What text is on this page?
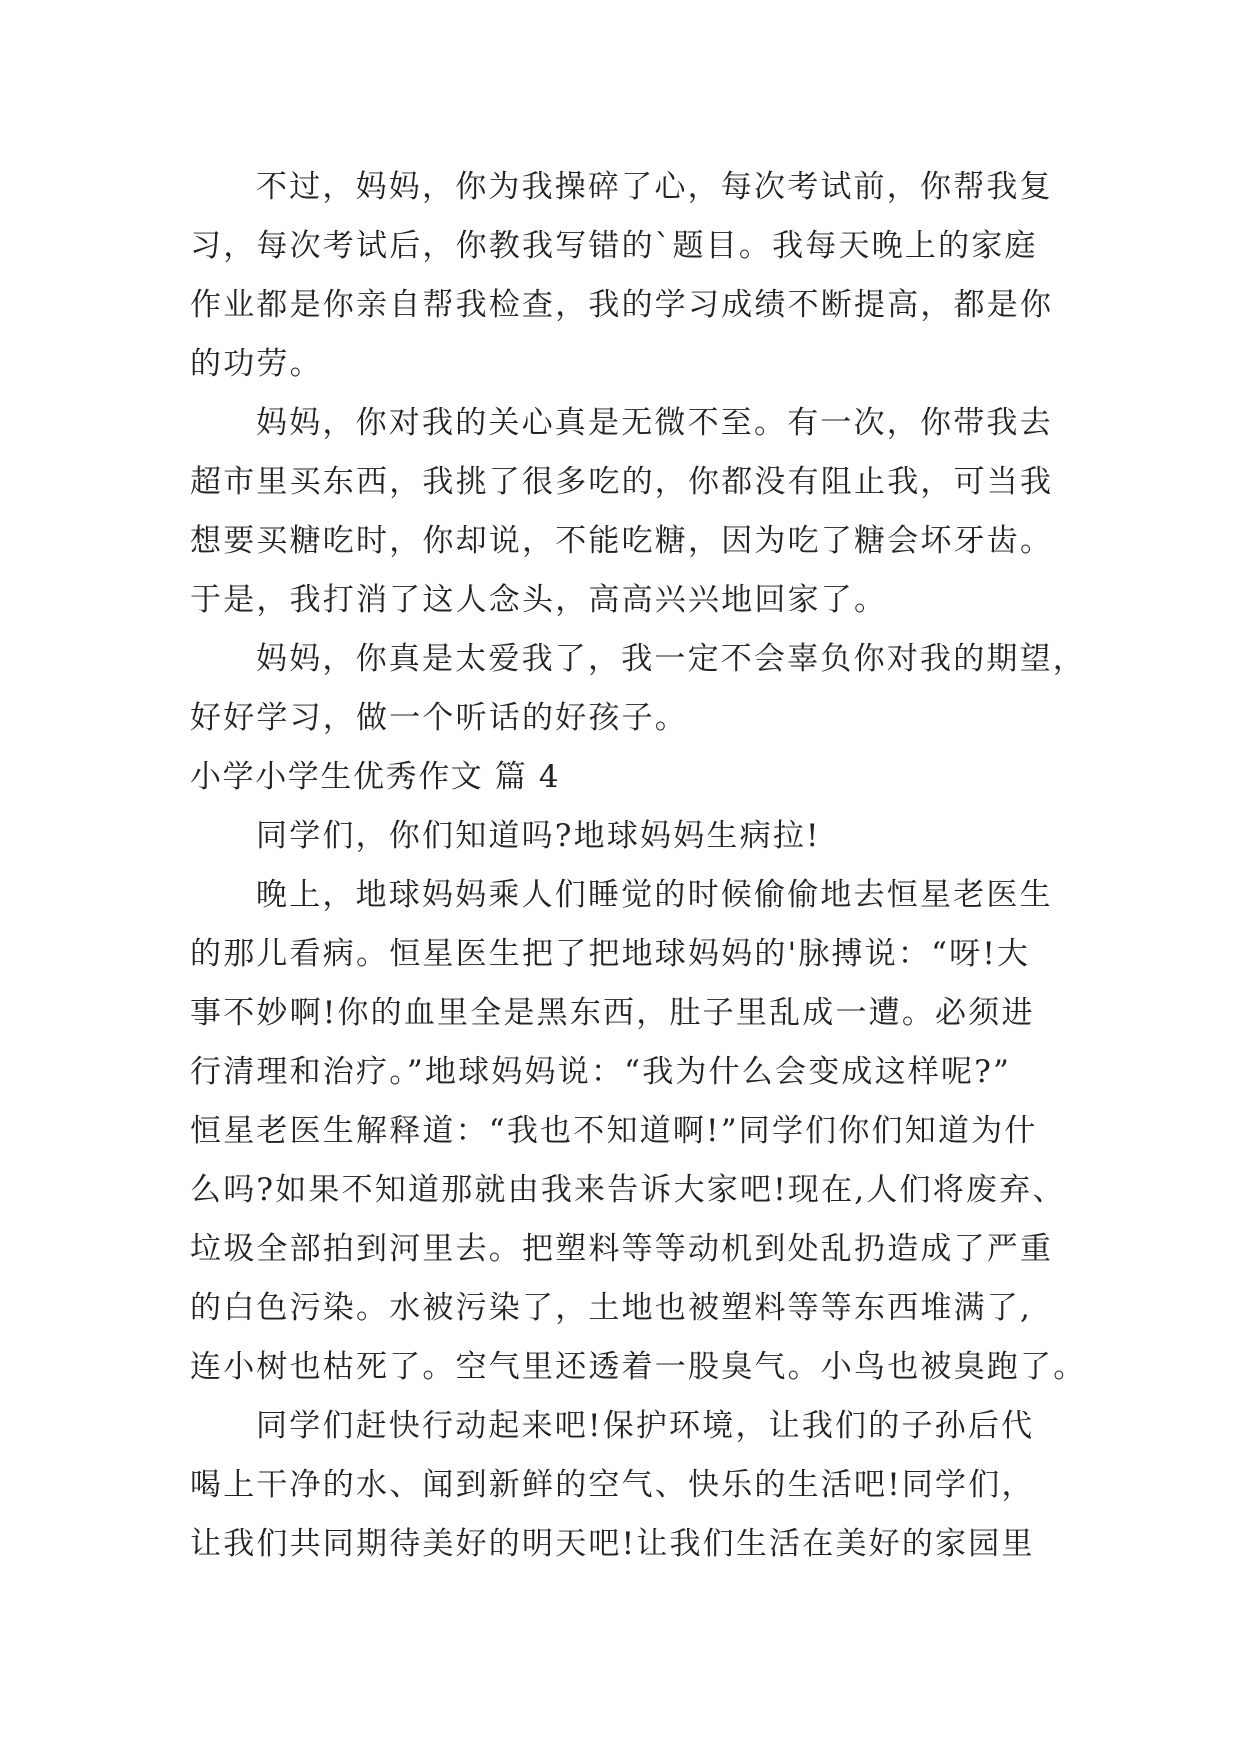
不过，妈妈，你为我操碎了心，每次考试前，你帮我复
习，每次考试后，你教我写错的`题目。我每天晚上的家庭
作业都是你亲自帮我检查，我的学习成绩不断提高，都是你
的功劳。
妈妈，你对我的关心真是无微不至。有一次，你带我去
超市里买东西，我挑了很多吃的，你都没有阻止我，可当我
想要买糖吃时，你却说，不能吃糖，因为吃了糖会坏牙齿。
于是，我打消了这人念头，高高兴兴地回家了。
妈妈，你真是太爱我了，我一定不会辜负你对我的期望，
好好学习，做一个听话的好孩子。
小学小学生优秀作文 篇 4
同学们，你们知道吗?地球妈妈生病拉!
晚上，地球妈妈乘人们睡觉的时候偷偷地去恒星老医生
的那儿看病。恒星医生把了把地球妈妈的'脉搏说：“呀!大
事不妙啊!你的血里全是黑东西，肚子里乱成一遭。必须进
行清理和治疗。”地球妈妈说：“我为什么会变成这样呢?”
恒星老医生解释道：“我也不知道啊!”同学们你们知道为什
么吗?如果不知道那就由我来告诉大家吧!现在,人们将废弃、
垃圾全部拍到河里去。把塑料等等动机到处乱扔造成了严重
的白色污染。水被污染了，土地也被塑料等等东西堆满了,
连小树也枯死了。空气里还透着一股臭气。小鸟也被臭跑了。
同学们赶快行动起来吧!保护环境，让我们的子孙后代
喝上干净的水、闻到新鲜的空气、快乐的生活吧!同学们，
让我们共同期待美好的明天吧!让我们生活在美好的家园里
